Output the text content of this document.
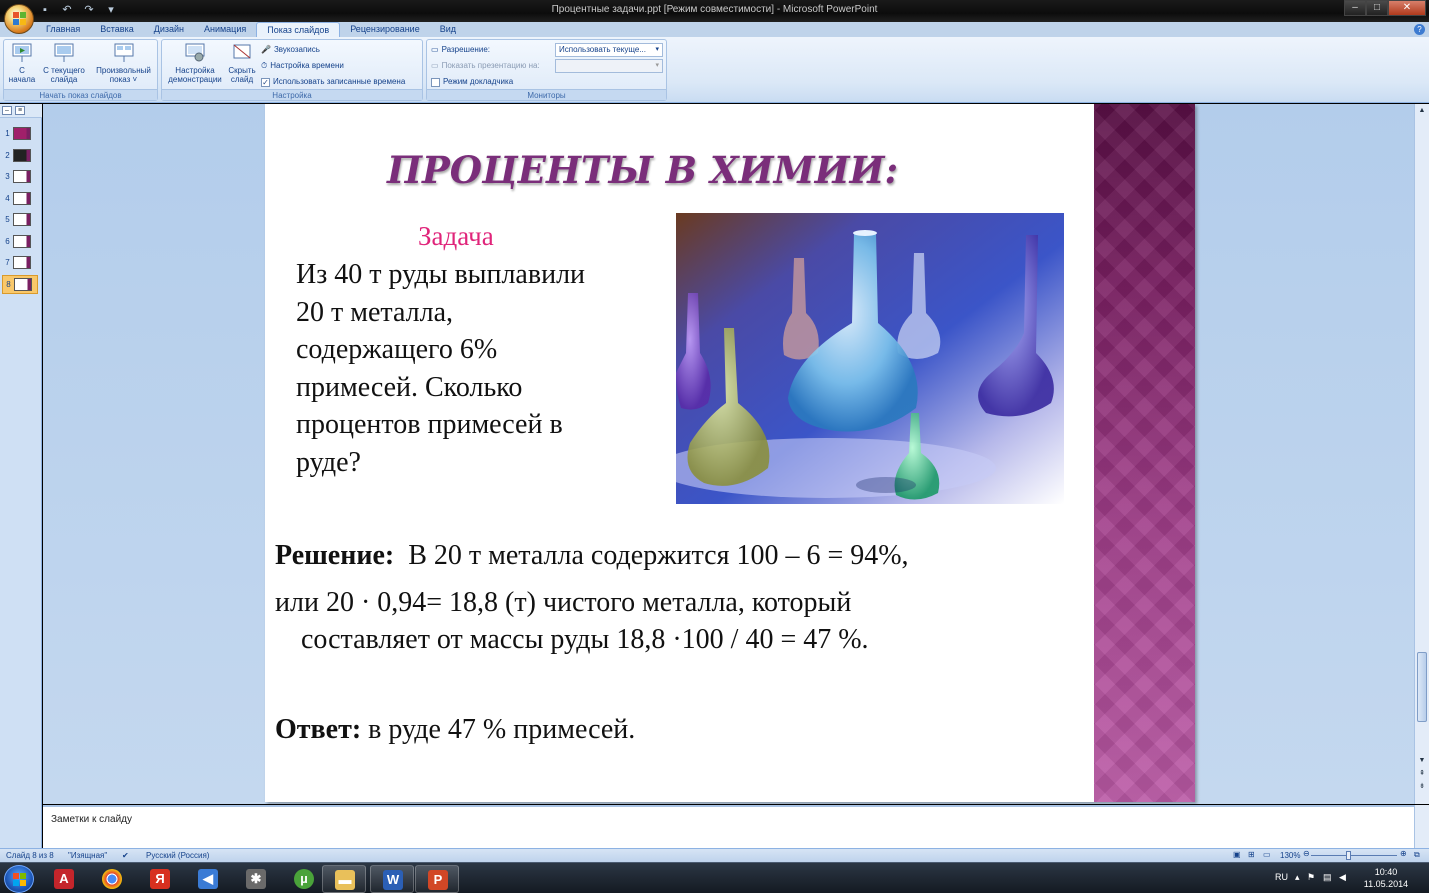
▪	↶ ↷	▾	Процентные задачи.ppt [Режим совместимости] - Microsoft PowerPoint	–	□	✕
Главная	Вставка	Дизайн	Анимация	Показ слайдов	Рецензирование	Вид	?
С
начала
С текущего
слайда
Произвольный
показ ˅
Начать показ слайдов
Настройка
демонстрации
Скрыть
слайд
🎤 Звукозапись
⏱ Настройка времени
✓ Использовать записанные времена
Настройка
▭ Разрешение:	Использовать текуще... ▾
▭ Показать презентацию на:
▾
Режим докладчика
Мониторы
–	≡
1
2
3
4
5
6
7
8
▲
▼
⇞
⇟
ПРОЦЕНТЫ В ХИМИИ:
Задача
Из 40 т руды выплавили
20 т металла,
содержащего 6%
примесей. Сколько
процентов примесей в
руде?
Решение: В 20 т металла содержится 100 – 6 = 94%,
или 20 · 0,94= 18,8 (т) чистого металла, который
составляет от массы руды 18,8 ·100 / 40 = 47 %.
Ответ: в руде 47 % примесей.
Заметки к слайду
Слайд 8 из 8 "Изящная" ✔ Русский (Россия)	▣ ⊞ ▭ 130% ⊖	⊕ ⧉
A	Я	◀	✱	µ	▬	W	P	RU ▴ ⚑ ▤ ◀	10:40
11.05.2014
